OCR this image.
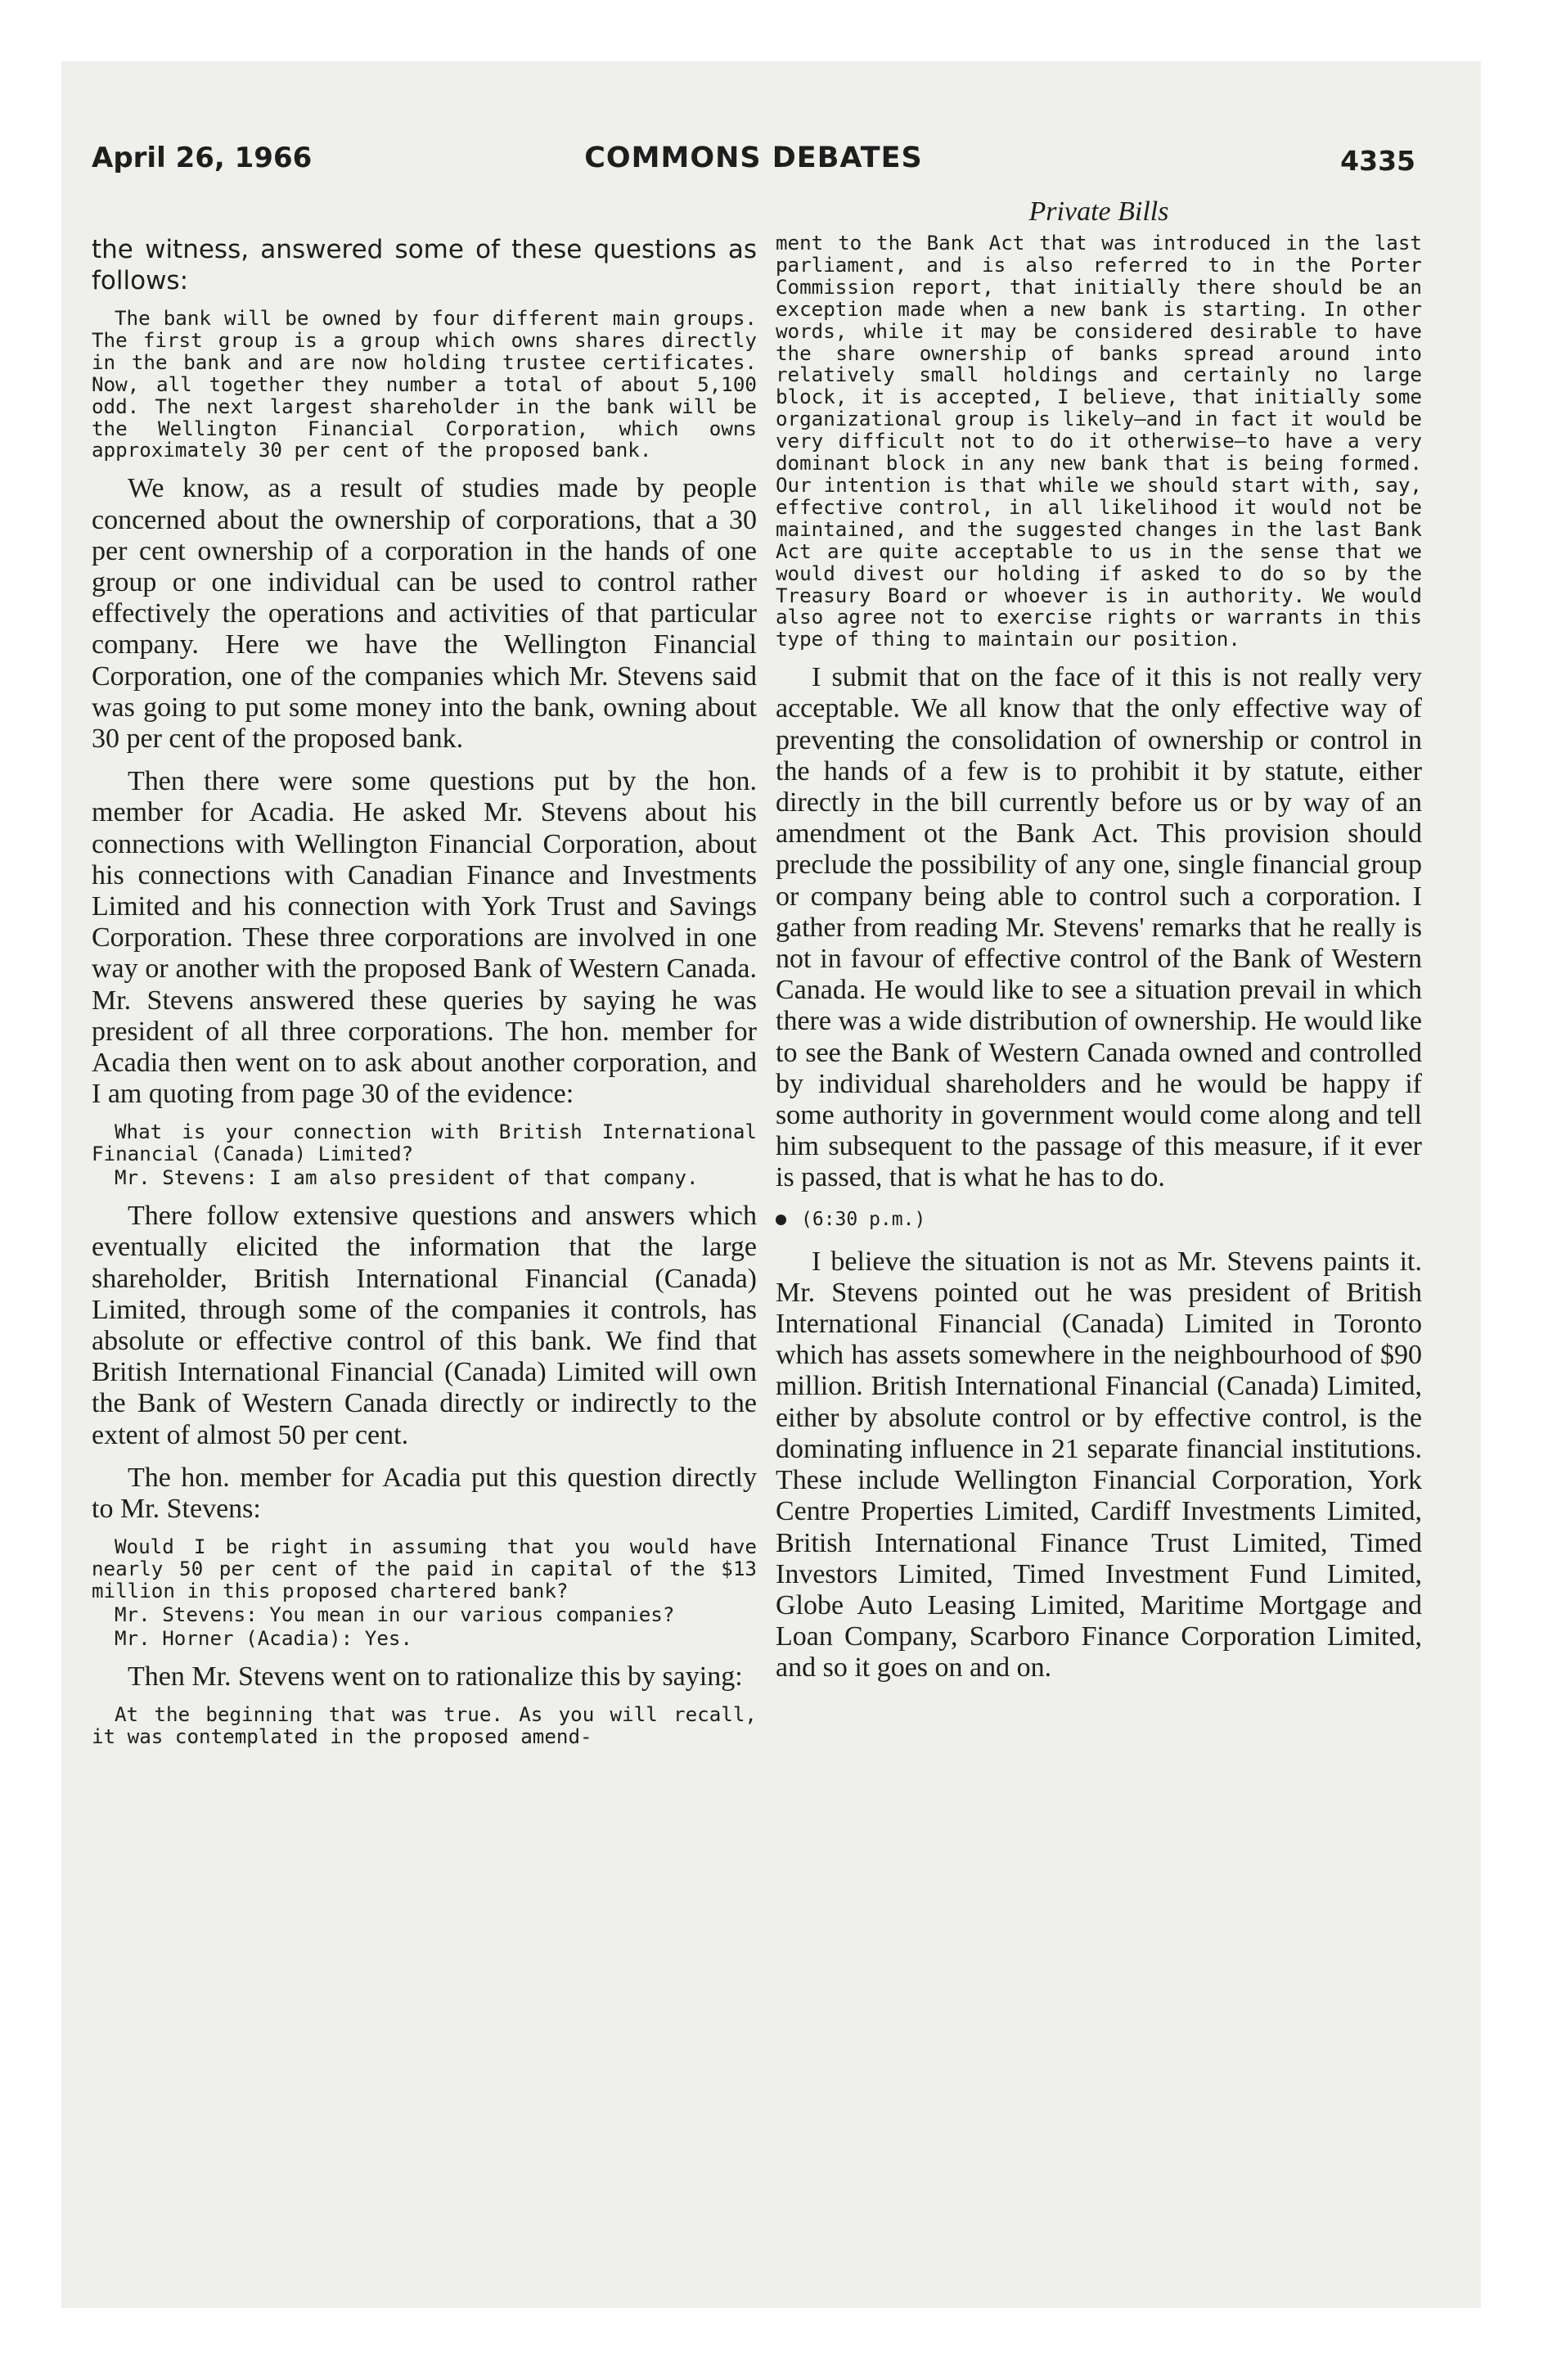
April 26, 1966	COMMONS DEBATES	4335

the witness, answered some of these questions as follows:

The bank will be owned by four different main groups. The first group is a group which owns shares directly in the bank and are now holding trustee certificates. Now, all together they number a total of about 5,100 odd. The next largest shareholder in the bank will be the Wellington Financial Corporation, which owns approximately 30 per cent of the proposed bank.

We know, as a result of studies made by people concerned about the ownership of corporations, that a 30 per cent ownership of a corporation in the hands of one group or one individual can be used to control rather effectively the operations and activities of that particular company. Here we have the Wellington Financial Corporation, one of the companies which Mr. Stevens said was going to put some money into the bank, owning about 30 per cent of the proposed bank.

Then there were some questions put by the hon. member for Acadia. He asked Mr. Stevens about his connections with Wellington Financial Corporation, about his connections with Canadian Finance and Investments Limited and his connection with York Trust and Savings Corporation. These three corporations are involved in one way or another with the proposed Bank of Western Canada. Mr. Stevens answered these queries by saying he was president of all three corporations. The hon. member for Acadia then went on to ask about another corporation, and I am quoting from page 30 of the evidence:

What is your connection with British International Financial (Canada) Limited?

Mr. Stevens: I am also president of that company.

There follow extensive questions and answers which eventually elicited the information that the large shareholder, British International Financial (Canada) Limited, through some of the companies it controls, has absolute or effective control of this bank. We find that British International Financial (Canada) Limited will own the Bank of Western Canada directly or indirectly to the extent of almost 50 per cent.

The hon. member for Acadia put this question directly to Mr. Stevens:

Would I be right in assuming that you would have nearly 50 per cent of the paid in capital of the $13 million in this proposed chartered bank?

Mr. Stevens: You mean in our various companies?

Mr. Horner (Acadia): Yes.

Then Mr. Stevens went on to rationalize this by saying:

At the beginning that was true. As you will recall, it was contemplated in the proposed amend-

Private Bills

ment to the Bank Act that was introduced in the last parliament, and is also referred to in the Porter Commission report, that initially there should be an exception made when a new bank is starting. In other words, while it may be considered desirable to have the share ownership of banks spread around into relatively small holdings and certainly no large block, it is accepted, I believe, that initially some organizational group is likely—and in fact it would be very difficult not to do it otherwise—to have a very dominant block in any new bank that is being formed. Our intention is that while we should start with, say, effective control, in all likelihood it would not be maintained, and the suggested changes in the last Bank Act are quite acceptable to us in the sense that we would divest our holding if asked to do so by the Treasury Board or whoever is in authority. We would also agree not to exercise rights or warrants in this type of thing to maintain our position.

I submit that on the face of it this is not really very acceptable. We all know that the only effective way of preventing the consolidation of ownership or control in the hands of a few is to prohibit it by statute, either directly in the bill currently before us or by way of an amendment ot the Bank Act. This provision should preclude the possibility of any one, single financial group or company being able to control such a corporation. I gather from reading Mr. Stevens' remarks that he really is not in favour of effective control of the Bank of Western Canada. He would like to see a situation prevail in which there was a wide distribution of ownership. He would like to see the Bank of Western Canada owned and controlled by individual shareholders and he would be happy if some authority in government would come along and tell him subsequent to the passage of this measure, if it ever is passed, that is what he has to do.

(6:30 p.m.)

I believe the situation is not as Mr. Stevens paints it. Mr. Stevens pointed out he was president of British International Financial (Canada) Limited in Toronto which has assets somewhere in the neighbourhood of $90 million. British International Financial (Canada) Limited, either by absolute control or by effective control, is the dominating influence in 21 separate financial institutions. These include Wellington Financial Corporation, York Centre Properties Limited, Cardiff Investments Limited, British International Finance Trust Limited, Timed Investors Limited, Timed Investment Fund Limited, Globe Auto Leasing Limited, Maritime Mortgage and Loan Company, Scarboro Finance Corporation Limited, and so it goes on and on.
